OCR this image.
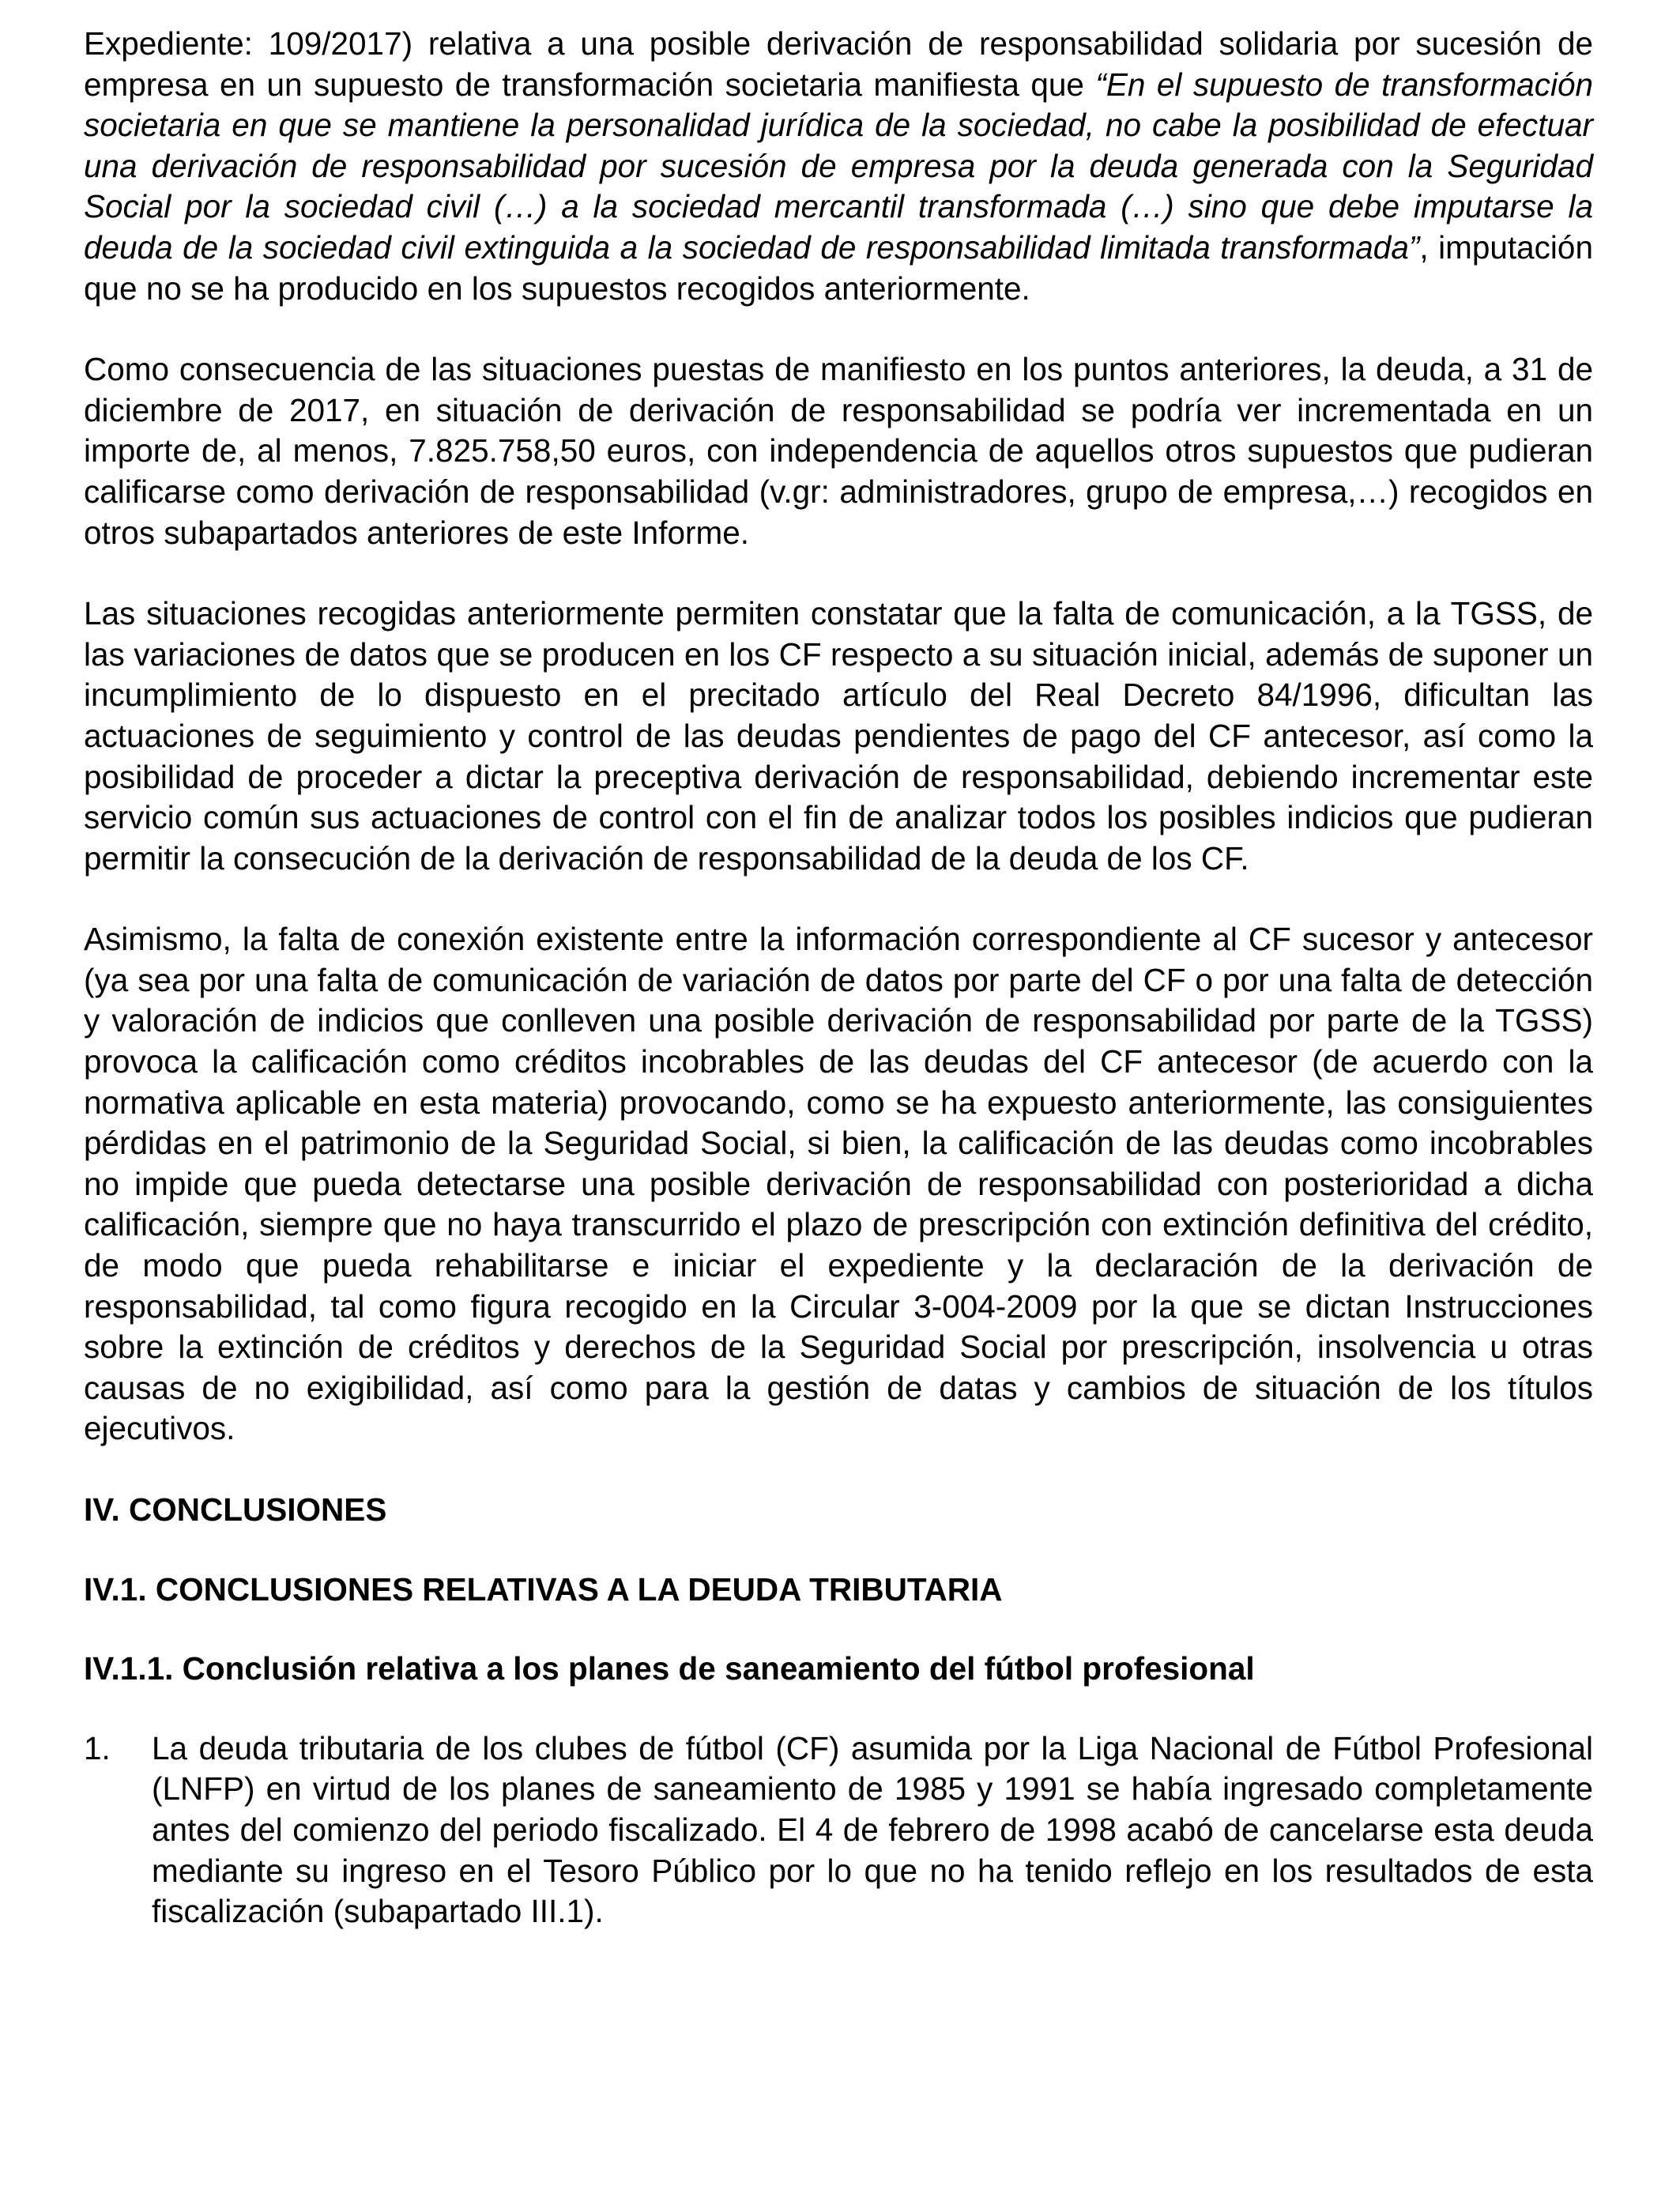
Expediente: 109/2017) relativa a una posible derivación de responsabilidad solidaria por sucesión de empresa en un supuesto de transformación societaria manifiesta que “En el supuesto de transformación societaria en que se mantiene la personalidad jurídica de la sociedad, no cabe la posibilidad de efectuar una derivación de responsabilidad por sucesión de empresa por la deuda generada con la Seguridad Social por la sociedad civil (…) a la sociedad mercantil transformada (…) sino que debe imputarse la deuda de la sociedad civil extinguida a la sociedad de responsabilidad limitada transformada”, imputación que no se ha producido en los supuestos recogidos anteriormente.

Como consecuencia de las situaciones puestas de manifiesto en los puntos anteriores, la deuda, a 31 de diciembre de 2017, en situación de derivación de responsabilidad se podría ver incrementada en un importe de, al menos, 7.825.758,50 euros, con independencia de aquellos otros supuestos que pudieran calificarse como derivación de responsabilidad (v.gr: administradores, grupo de empresa,…) recogidos en otros subapartados anteriores de este Informe.

Las situaciones recogidas anteriormente permiten constatar que la falta de comunicación, a la TGSS, de las variaciones de datos que se producen en los CF respecto a su situación inicial, además de suponer un incumplimiento de lo dispuesto en el precitado artículo del Real Decreto 84/1996, dificultan las actuaciones de seguimiento y control de las deudas pendientes de pago del CF antecesor, así como la posibilidad de proceder a dictar la preceptiva derivación de responsabilidad, debiendo incrementar este servicio común sus actuaciones de control con el fin de analizar todos los posibles indicios que pudieran permitir la consecución de la derivación de responsabilidad de la deuda de los CF.

Asimismo, la falta de conexión existente entre la información correspondiente al CF sucesor y antecesor (ya sea por una falta de comunicación de variación de datos por parte del CF o por una falta de detección y valoración de indicios que conlleven una posible derivación de responsabilidad por parte de la TGSS) provoca la calificación como créditos incobrables de las deudas del CF antecesor (de acuerdo con la normativa aplicable en esta materia) provocando, como se ha expuesto anteriormente, las consiguientes pérdidas en el patrimonio de la Seguridad Social, si bien, la calificación de las deudas como incobrables no impide que pueda detectarse una posible derivación de responsabilidad con posterioridad a dicha calificación, siempre que no haya transcurrido el plazo de prescripción con extinción definitiva del crédito, de modo que pueda rehabilitarse e iniciar el expediente y la declaración de la derivación de responsabilidad, tal como figura recogido en la Circular 3-004-2009 por la que se dictan Instrucciones sobre la extinción de créditos y derechos de la Seguridad Social por prescripción, insolvencia u otras causas de no exigibilidad, así como para la gestión de datas y cambios de situación de los títulos ejecutivos.

IV. CONCLUSIONES
IV.1. CONCLUSIONES RELATIVAS A LA DEUDA TRIBUTARIA
IV.1.1. Conclusión relativa a los planes de saneamiento del fútbol profesional
1.	La deuda tributaria de los clubes de fútbol (CF) asumida por la Liga Nacional de Fútbol Profesional (LNFP) en virtud de los planes de saneamiento de 1985 y 1991 se había ingresado completamente antes del comienzo del periodo fiscalizado. El 4 de febrero de 1998 acabó de cancelarse esta deuda mediante su ingreso en el Tesoro Público por lo que no ha tenido reflejo en los resultados de esta fiscalización (subapartado III.1).
